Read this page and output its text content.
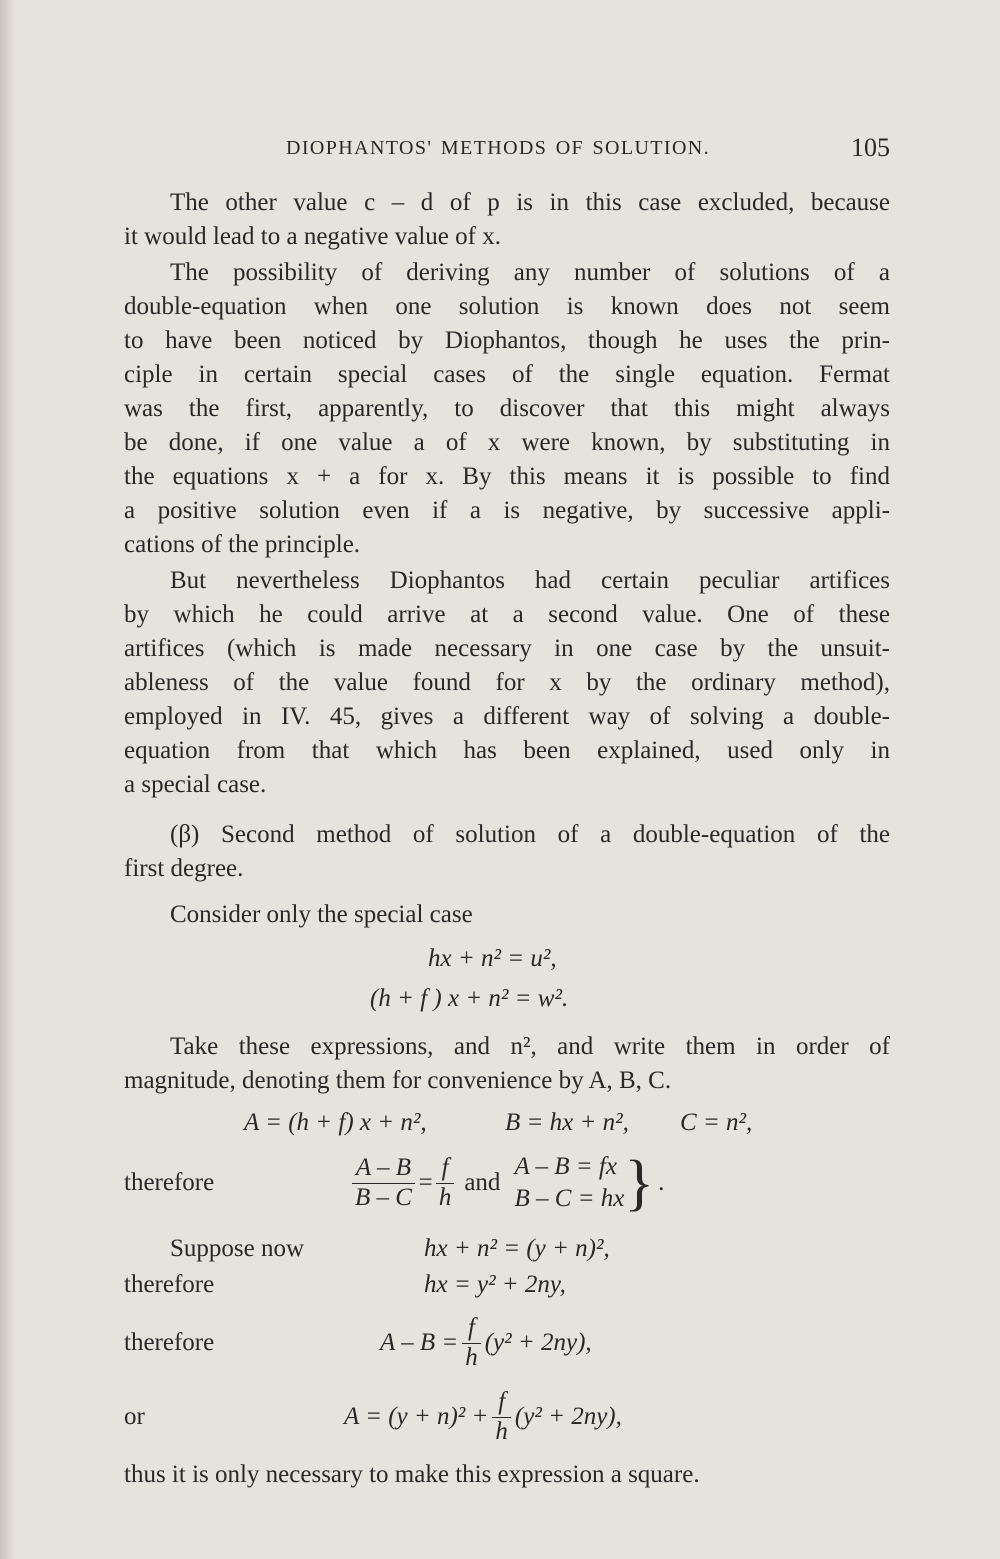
DIOPHANTOS' METHODS OF SOLUTION.	105
The other value c – d of p is in this case excluded, because
it would lead to a negative value of x.
The possibility of deriving any number of solutions of a
double-equation when one solution is known does not seem
to have been noticed by Diophantos, though he uses the prin-
ciple in certain special cases of the single equation. Fermat
was the first, apparently, to discover that this might always
be done, if one value a of x were known, by substituting in
the equations x + a for x. By this means it is possible to find
a positive solution even if a is negative, by successive appli-
cations of the principle.
But nevertheless Diophantos had certain peculiar artifices
by which he could arrive at a second value. One of these
artifices (which is made necessary in one case by the unsuit-
ableness of the value found for x by the ordinary method),
employed in IV. 45, gives a different way of solving a double-
equation from that which has been explained, used only in
a special case.
(β) Second method of solution of a double-equation of the
first degree.
Consider only the special case
hx + n² = u²,
(h + f ) x + n² = w².
Take these expressions, and n², and write them in order of
magnitude, denoting them for convenience by A, B, C.
A = (h + f) x + n²,	B = hx + n², C = n²,
therefore	$\frac{A - B}{B - C} = \frac{f}{h}$ and
A – B = fx
B – C = hx } .
Suppose now	hx + n² = (y + n)²,
therefore	hx = y² + 2ny,
therefore	$A - B = \frac{f}{h} (y^2 + 2ny)$,
or	$A = (y + n)^2 + \frac{f}{h} (y^2 + 2ny)$,
thus it is only necessary to make this expression a square.
